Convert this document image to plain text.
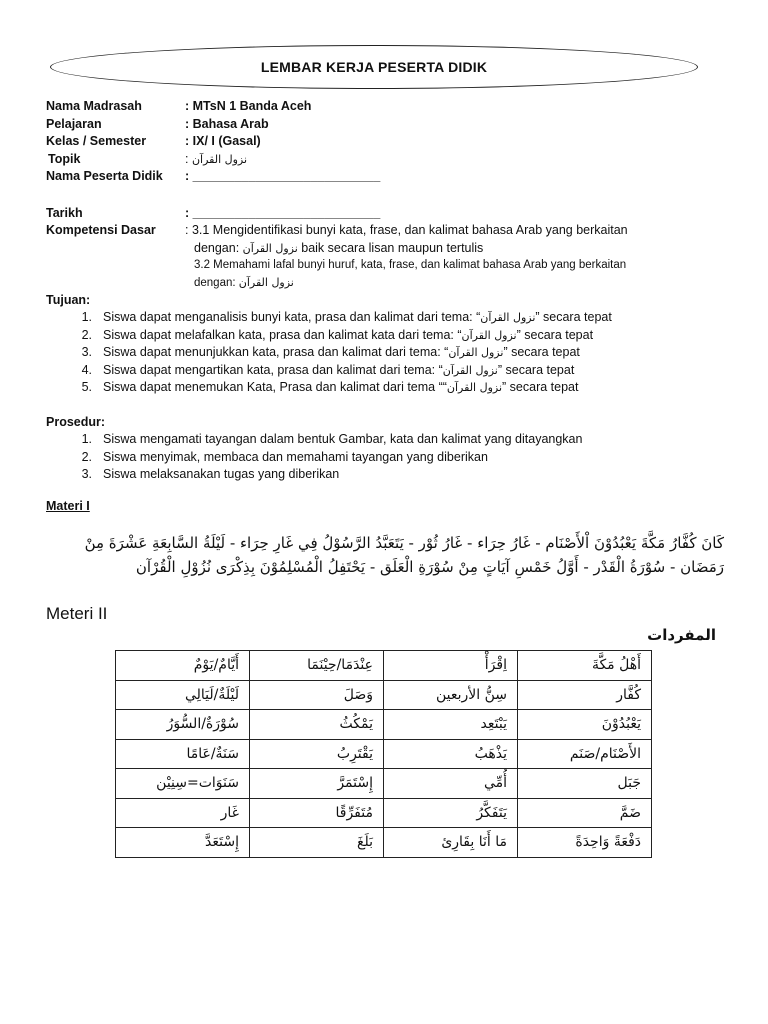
LEMBAR KERJA PESERTA DIDIK
Nama Madrasah	: MTsN 1 Banda Aceh
Pelajaran	: Bahasa Arab
Kelas / Semester	: IX/ I (Gasal)
Topik	: نزول القرآن
Nama Peserta Didik	: ___________________________
Tarikh	: ___________________________
Kompetensi Dasar	: 3.1 Mengidentifikasi bunyi kata, frase, dan kalimat bahasa Arab yang berkaitan
dengan: نزول القرآن baik secara lisan maupun tertulis
3.2 Memahami lafal bunyi huruf, kata, frase, dan kalimat bahasa Arab yang berkaitan
dengan: نزول القرآن
Tujuan:
1. Siswa dapat menganalisis bunyi kata, prasa dan kalimat dari tema: “نزول القرآن” secara tepat
2. Siswa dapat melafalkan kata, prasa dan kalimat kata dari tema: “نزول القرآن” secara tepat
3. Siswa dapat menunjukkan kata, prasa dan kalimat dari tema: “نزول القرآن” secara tepat
4. Siswa dapat mengartikan kata, prasa dan kalimat dari tema: “نزول القرآن” secara tepat
5. Siswa dapat menemukan Kata, Prasa dan kalimat dari tema ““نزول القرآن” secara tepat
Prosedur:
1. Siswa mengamati tayangan dalam bentuk Gambar, kata dan kalimat yang ditayangkan
2. Siswa menyimak, membaca dan memahami tayangan yang diberikan
3. Siswa melaksanakan tugas yang diberikan
Materi I
كَانَ كُفَّارُ مَكَّةَ يَعْبُدُوْنَ اْلأَصْنَام - غَارُ حِرَاء - غَارُ ثُوْر - يَتَعَبَّدُ الرَّسُوْلُ فِي غَارِ حِرَاء - لَيْلَةُ السَّابِعَةِ عَشْرَةَ مِنْ رَمَضَان - سُوْرَةُ الْقَدْر - أَوَّلُ خَمْسِ آيَاتٍ مِنْ سُوْرَةِ الْعَلَق - يَحْتَفِلُ الْمُسْلِمُوْنَ بِذِكْرَى نُزُوْلِ الْقُرْآن
Meteri II
المفردات
أَيَّامٌ/يَوْمٌ	عِنْدَمَا/حِيْنَمَا	اِقْرَأْ	أَهْلُ مَكَّةَ
لَيْلَةٌ/لَيَالِي	وَصَلَ	سِنُّ الأربعين	كُفَّار
سُوْرَةٌ/السُّوَرُ	يَمْكُثُ	يَبْتَعِد	يَعْبُدُوْنَ
سَنَةٌ/عَامًا	يَقْتَرِبُ	يَذْهَبُ	الأَصْنَام/صَنَم
سَنَوَات=سِنِيْن	إِسْتَمَرَّ	أُمِّي	جَبَل
غَار	مُتَفَرِّقًا	يَتَفَكَّرُ	ضَمَّ
إِسْتَعَدَّ	بَلَغَ	مَا أَنَا بِقَارِئ	دَفْعَةً وَاحِدَةً
